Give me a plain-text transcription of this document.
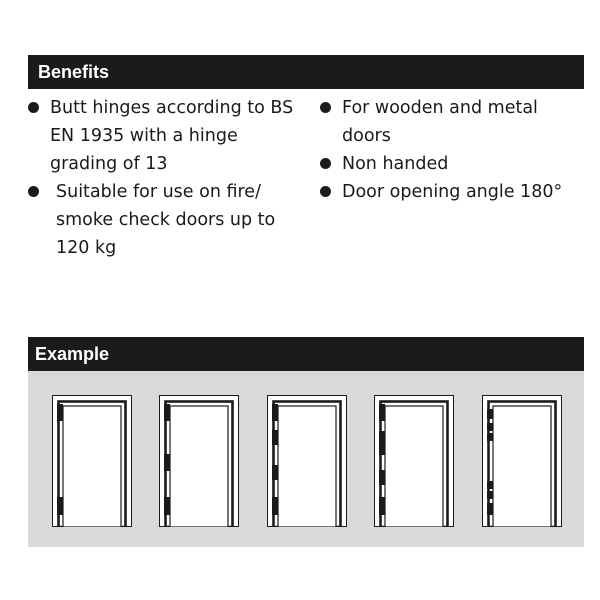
Benefits
Butt hinges according to BS EN 1935 with a hinge grading of 13
Suitable for use on fire/ smoke check doors up to 120 kg
For wooden and metal doors
Non handed
Door opening angle 180°
Example
